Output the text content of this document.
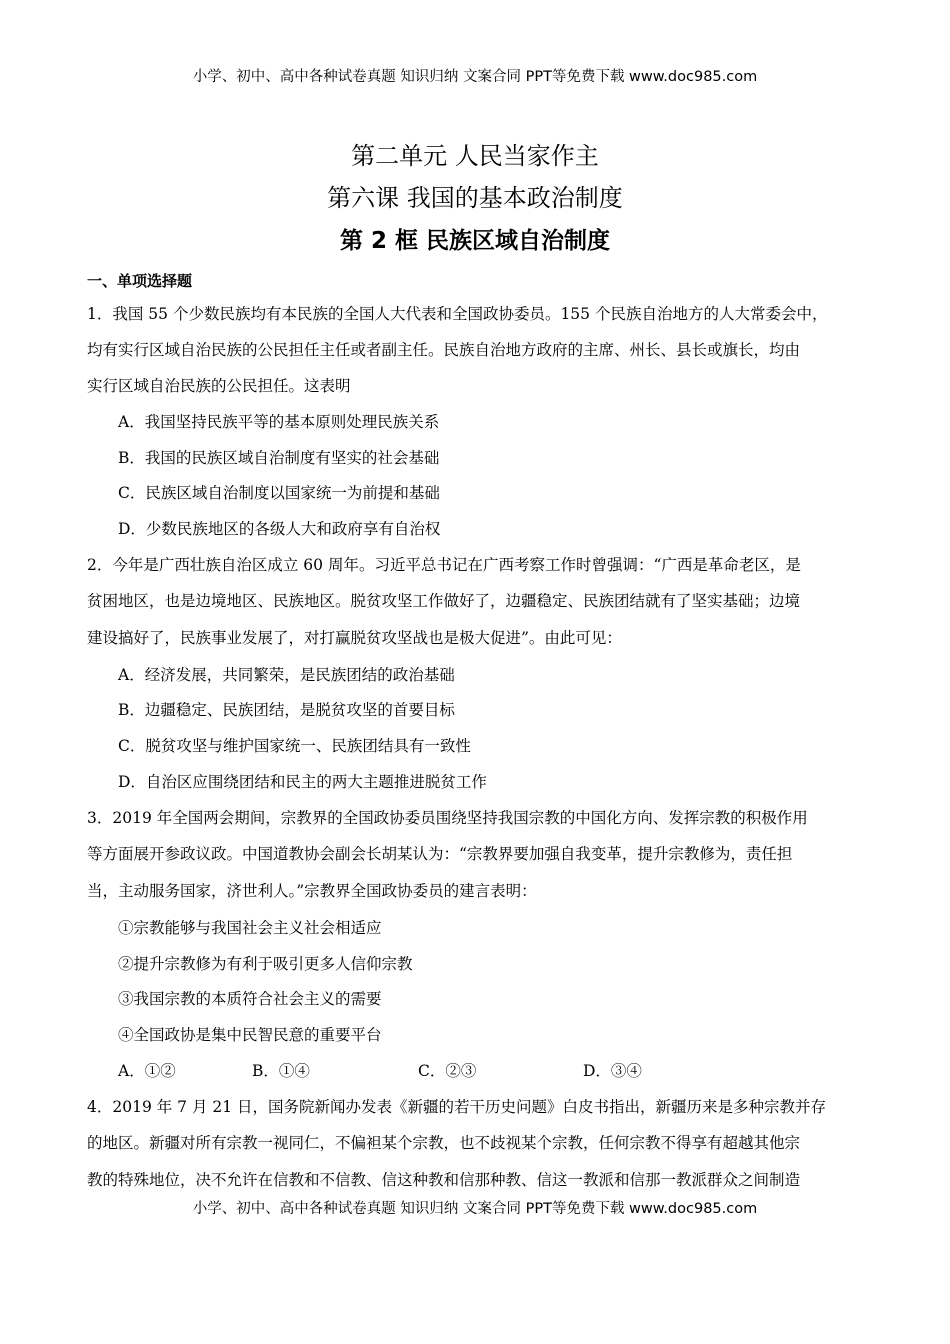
小学、初中、高中各种试卷真题 知识归纳 文案合同 PPT等免费下载 www.doc985.com
第二单元 人民当家作主
第六课 我国的基本政治制度
第 2 框 民族区域自治制度
一、单项选择题
1．我国 55 个少数民族均有本民族的全国人大代表和全国政协委员。155 个民族自治地方的人大常委会中，
均有实行区域自治民族的公民担任主任或者副主任。民族自治地方政府的主席、州长、县长或旗长，均由
实行区域自治民族的公民担任。这表明
A．我国坚持民族平等的基本原则处理民族关系
B．我国的民族区域自治制度有坚实的社会基础
C．民族区域自治制度以国家统一为前提和基础
D．少数民族地区的各级人大和政府享有自治权
2．今年是广西壮族自治区成立 60 周年。习近平总书记在广西考察工作时曾强调：“广西是革命老区，是
贫困地区，也是边境地区、民族地区。脱贫攻坚工作做好了，边疆稳定、民族团结就有了坚实基础；边境
建设搞好了，民族事业发展了，对打赢脱贫攻坚战也是极大促进”。由此可见：
A．经济发展，共同繁荣，是民族团结的政治基础
B．边疆稳定、民族团结，是脱贫攻坚的首要目标
C．脱贫攻坚与维护国家统一、民族团结具有一致性
D．自治区应围绕团结和民主的两大主题推进脱贫工作
3．2019 年全国两会期间，宗教界的全国政协委员围绕坚持我国宗教的中国化方向、发挥宗教的积极作用
等方面展开参政议政。中国道教协会副会长胡某认为：“宗教界要加强自我变革，提升宗教修为，责任担
当，主动服务国家，济世利人。”宗教界全国政协委员的建言表明：
①宗教能够与我国社会主义社会相适应
②提升宗教修为有利于吸引更多人信仰宗教
③我国宗教的本质符合社会主义的需要
④全国政协是集中民智民意的重要平台
A．①②	B．①④	C．②③	D．③④
4．2019 年 7 月 21 日，国务院新闻办发表《新疆的若干历史问题》白皮书指出，新疆历来是多种宗教并存
的地区。新疆对所有宗教一视同仁，不偏袒某个宗教，也不歧视某个宗教，任何宗教不得享有超越其他宗
教的特殊地位，决不允许在信教和不信教、信这种教和信那种教、信这一教派和信那一教派群众之间制造
小学、初中、高中各种试卷真题 知识归纳 文案合同 PPT等免费下载 www.doc985.com
